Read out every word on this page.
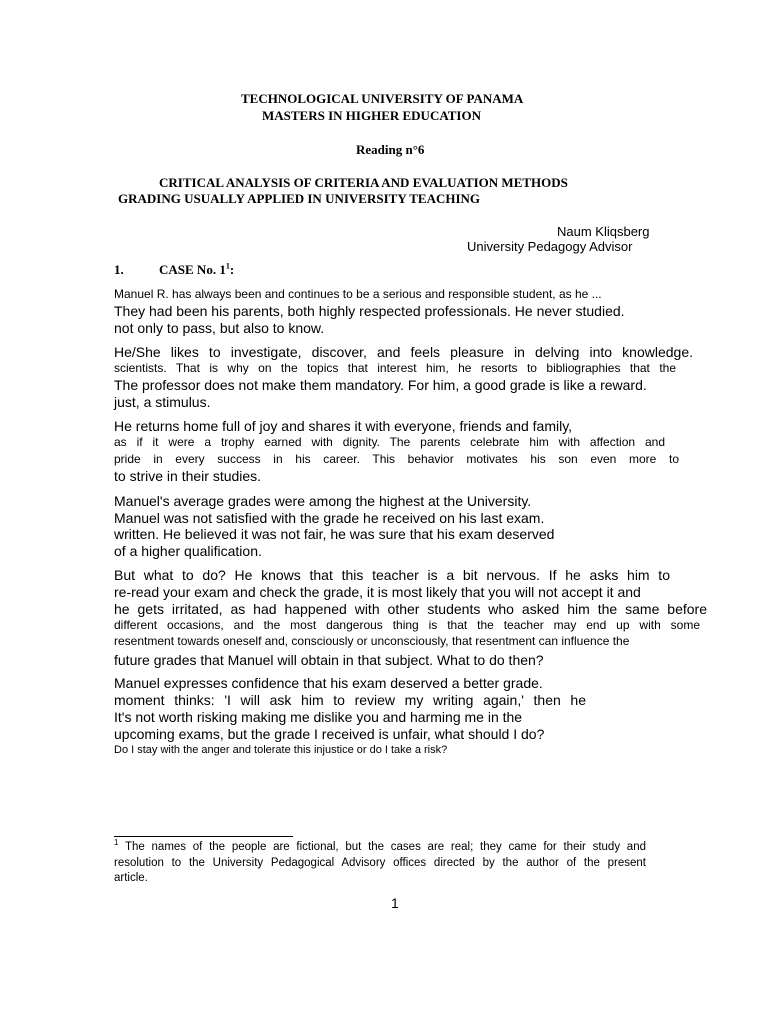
TECHNOLOGICAL UNIVERSITY OF PANAMA
MASTERS IN HIGHER EDUCATION
Reading n°6
CRITICAL ANALYSIS OF CRITERIA AND EVALUATION METHODS
GRADING USUALLY APPLIED IN UNIVERSITY TEACHING
Naum Kliqsberg
University Pedagogy Advisor
1.	CASE No. $1^1$:
Manuel R. has always been and continues to be a serious and responsible student, as he ...
They had been his parents, both highly respected professionals. He never studied.
not only to pass, but also to know.
He/She likes to investigate, discover, and feels pleasure in delving into knowledge.
scientists. That is why on the topics that interest him, he resorts to bibliographies that the
The professor does not make them mandatory. For him, a good grade is like a reward.
just, a stimulus.
He returns home full of joy and shares it with everyone, friends and family,
as if it were a trophy earned with dignity. The parents celebrate him with affection and
pride in every success in his career. This behavior motivates his son even more to
to strive in their studies.
Manuel's average grades were among the highest at the University.
Manuel was not satisfied with the grade he received on his last exam.
written. He believed it was not fair, he was sure that his exam deserved
of a higher qualification.
But what to do? He knows that this teacher is a bit nervous. If he asks him to
re-read your exam and check the grade, it is most likely that you will not accept it and
he gets irritated, as had happened with other students who asked him the same before
different occasions, and the most dangerous thing is that the teacher may end up with some
resentment towards oneself and, consciously or unconsciously, that resentment can influence the
future grades that Manuel will obtain in that subject. What to do then?
Manuel expresses confidence that his exam deserved a better grade.
moment thinks: 'I will ask him to review my writing again,' then he
It's not worth risking making me dislike you and harming me in the
upcoming exams, but the grade I received is unfair, what should I do?
Do I stay with the anger and tolerate this injustice or do I take a risk?
$^1$ The names of the people are fictional, but the cases are real; they came for their study and
resolution to the University Pedagogical Advisory offices directed by the author of the present
article.
1
